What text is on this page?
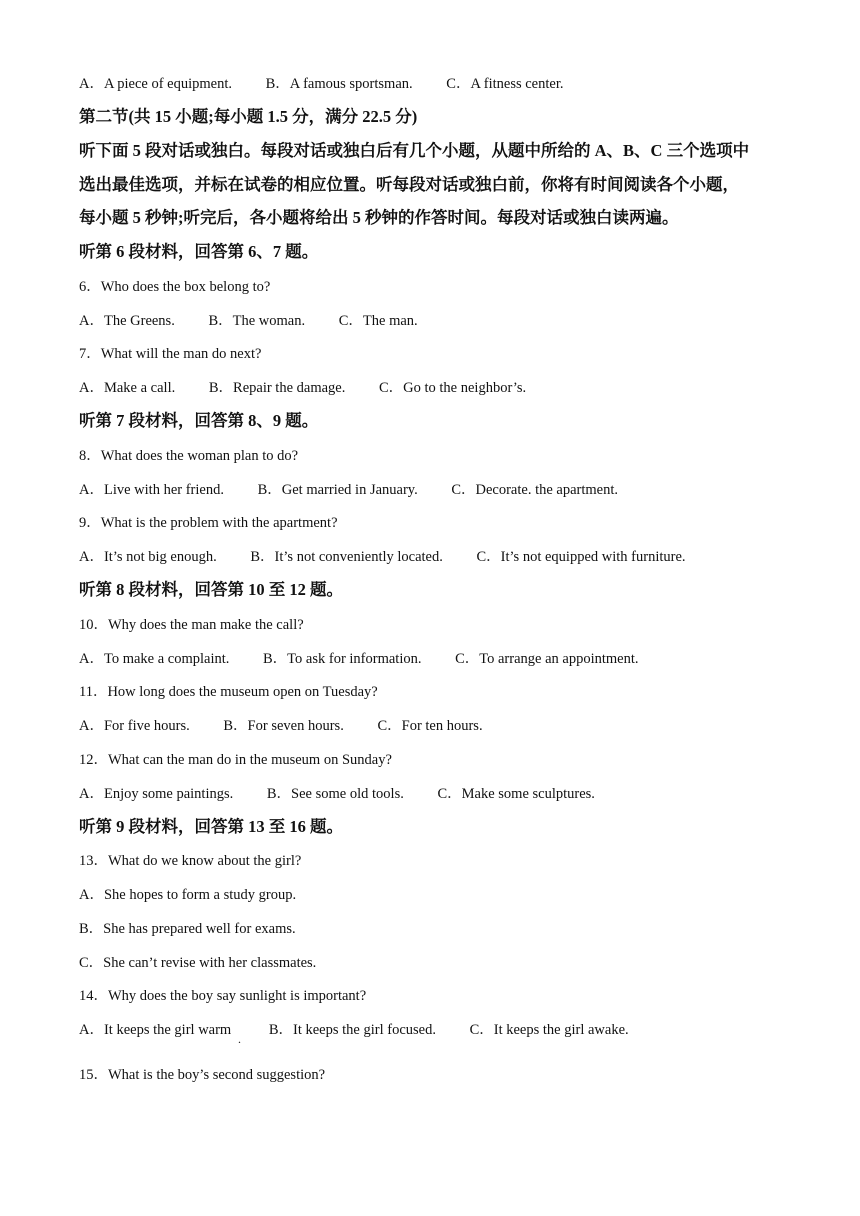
A．A piece of equipment. B．A famous sportsman. C．A fitness center.
第二节(共 15 小题;每小题 1.5 分，满分 22.5 分)
听下面 5 段对话或独白。每段对话或独白后有几个小题，从题中所给的 A、B、C 三个选项中
选出最佳选项，并标在试卷的相应位置。听每段对话或独白前，你将有时间阅读各个小题，
每小题 5 秒钟;听完后，各小题将给出 5 秒钟的作答时间。每段对话或独白读两遍。
听第 6 段材料，回答第 6、7 题。
6．Who does the box belong to?
A．The Greens. B．The woman. C．The man.
7．What will the man do next?
A．Make a call. B．Repair the damage. C．Go to the neighbor’s.
听第 7 段材料，回答第 8、9 题。
8．What does the woman plan to do?
A．Live with her friend. B．Get married in January. C．Decorate. the apartment.
9．What is the problem with the apartment?
A．It’s not big enough. B．It’s not conveniently located. C．It’s not equipped with furniture.
听第 8 段材料，回答第 10 至 12 题。
10．Why does the man make the call?
A．To make a complaint. B．To ask for information. C．To arrange an appointment.
11．How long does the museum open on Tuesday?
A．For five hours. B．For seven hours. C．For ten hours.
12．What can the man do in the museum on Sunday?
A．Enjoy some paintings. B．See some old tools. C．Make some sculptures.
听第 9 段材料，回答第 13 至 16 题。
13．What do we know about the girl?
A．She hopes to form a study group.
B．She has prepared well for exams.
C．She can’t revise with her classmates.
14．Why does the boy say sunlight is important?
A．It keeps the girl warm	B．It keeps the girl focused. C．It keeps the girl awake.
.
15．What is the boy’s second suggestion?
